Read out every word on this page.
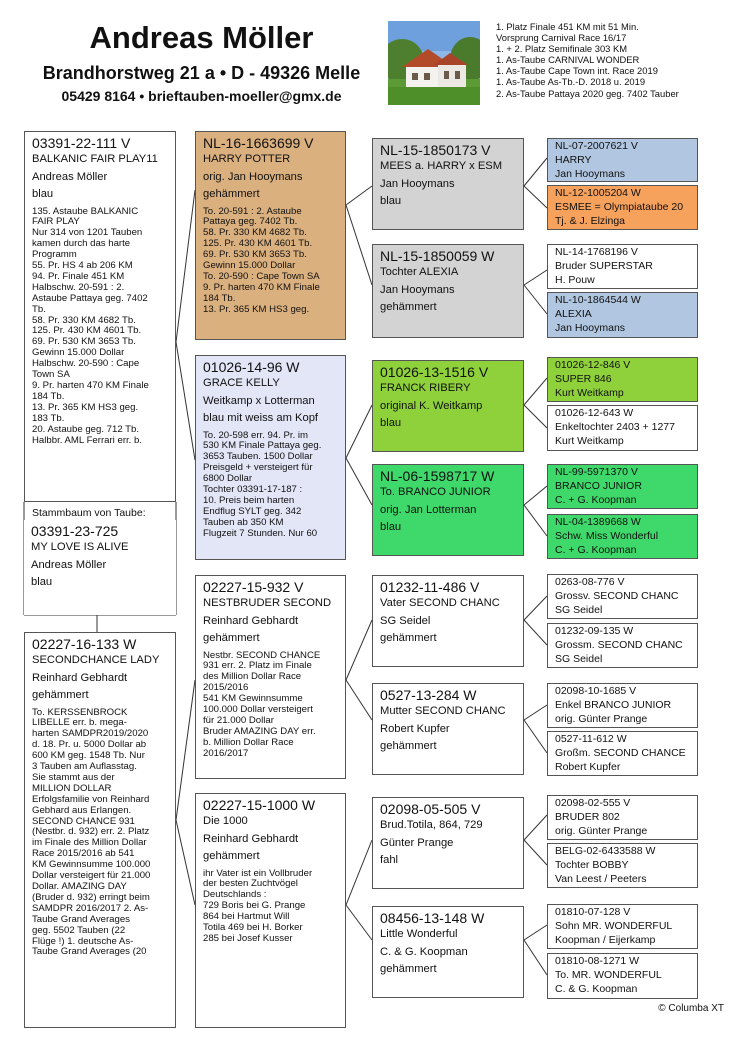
Andreas Möller
Brandhorstweg 21 a • D - 49326 Melle
05429 8164 • brieftauben-moeller@gmx.de
1. Platz Finale 451 KM mit 51 Min.
Vorsprung Carnival Race 16/17
1. + 2. Platz Semifinale 303 KM
1. As-Taube CARNIVAL WONDER
1. As-Taube Cape Town int. Race 2019
1. As-Taube As-Tb.-D. 2018 u. 2019
2. As-Taube Pattaya 2020 geg. 7402 Tauber
03391-22-111 V
BALKANIC FAIR PLAY11
Andreas Möller
blau
135. Astaube BALKANIC
FAIR PLAY
Nur 314 von 1201 Tauben
kamen durch das harte
Programm
55. Pr. HS 4 ab 206 KM
94. Pr. Finale 451 KM
Halbschw. 20-591 : 2.
Astaube Pattaya geg. 7402
Tb.
58. Pr. 330 KM 4682 Tb.
125. Pr. 430 KM 4601 Tb.
69. Pr. 530 KM 3653 Tb.
Gewinn 15.000 Dollar
Halbschw. 20-590 : Cape
Town SA
9. Pr. harten 470 KM Finale
184 Tb.
13. Pr. 365 KM HS3 geg.
183 Tb.
20. Astaube geg. 712 Tb.
Halbbr. AML Ferrari err. b.
Stammbaum von Taube:
03391-23-725
MY LOVE IS ALIVE
Andreas Möller
blau
02227-16-133 W
SECONDCHANCE LADY
Reinhard Gebhardt
gehämmert
To. KERSSENBROCK
LIBELLE err. b. mega-
harten SAMDPR2019/2020
d. 18. Pr. u. 5000 Dollar ab
600 KM geg. 1548 Tb. Nur
3 Tauben am Auflasstag.
Sie stammt aus der
MILLION DOLLAR
Erfolgsfamilie von Reinhard
Gebhard aus Erlangen.
SECOND CHANCE 931
(Nestbr. d. 932) err. 2. Platz
im Finale des Million Dollar
Race 2015/2016 ab 541
KM Gewinnsumme 100.000
Dollar versteigert für 21.000
Dollar. AMAZING DAY
(Bruder d. 932) erringt beim
SAMDPR 2016/2017 2. As-
Taube Grand Averages
geg. 5502 Tauben (22
Flüge !) 1. deutsche As-
Taube Grand Averages (20
NL-16-1663699 V
HARRY POTTER
orig. Jan Hooymans
gehämmert
To. 20-591 : 2. Astaube
Pattaya geg. 7402 Tb.
58. Pr. 330 KM 4682 Tb.
125. Pr. 430 KM 4601 Tb.
69. Pr. 530 KM 3653 Tb.
Gewinn 15.000 Dollar
To. 20-590 : Cape Town SA
9. Pr. harten 470 KM Finale
184 Tb.
13. Pr. 365 KM HS3 geg.
01026-14-96 W
GRACE KELLY
Weitkamp x Lotterman
blau mit weiss am Kopf
To. 20-598 err. 94. Pr. im
530 KM Finale Pattaya geg.
3653 Tauben. 1500 Dollar
Preisgeld + versteigert für
6800 Dollar
Tochter 03391-17-187 :
10. Preis beim harten
Endflug SYLT geg. 342
Tauben ab 350 KM
Flugzeit 7 Stunden. Nur 60
02227-15-932 V
NESTBRUDER SECOND
Reinhard Gebhardt
gehämmert
Nestbr. SECOND CHANCE
931 err. 2. Platz im Finale
des Million Dollar Race
2015/2016
541 KM Gewinnsumme
100.000 Dollar versteigert
für 21.000 Dollar
Bruder AMAZING DAY err.
b. Million Dollar Race
2016/2017
02227-15-1000 W
Die 1000
Reinhard Gebhardt
gehämmert
ihr Vater ist ein Vollbruder
der besten Zuchtvögel
Deutschlands :
729 Boris bei G. Prange
864 bei Hartmut Will
Totila 469 bei H. Borker
285 bei Josef Kusser
NL-15-1850173 V
MEES a. HARRY x ESM
Jan Hooymans
blau
NL-15-1850059 W
Tochter ALEXIA
Jan Hooymans
gehämmert
01026-13-1516 V
FRANCK RIBERY
original K. Weitkamp
blau
NL-06-1598717 W
To. BRANCO JUNIOR
orig. Jan Lotterman
blau
01232-11-486 V
Vater SECOND CHANC
SG Seidel
gehämmert
0527-13-284 W
Mutter SECOND CHANC
Robert Kupfer
gehämmert
02098-05-505 V
Brud.Totila, 864, 729
Günter Prange
fahl
08456-13-148 W
Little Wonderful
C. & G. Koopman
gehämmert
NL-07-2007621 V
HARRY
Jan Hooymans
NL-12-1005204 W
ESMEE = Olympiataube 20
Tj. & J. Elzinga
NL-14-1768196 V
Bruder SUPERSTAR
H. Pouw
NL-10-1864544 W
ALEXIA
Jan Hooymans
01026-12-846 V
SUPER 846
Kurt Weitkamp
01026-12-643 W
Enkeltochter 2403 + 1277
Kurt Weitkamp
NL-99-5971370 V
BRANCO JUNIOR
C. + G. Koopman
NL-04-1389668 W
Schw. Miss Wonderful
C. + G. Koopman
0263-08-776 V
Grossv. SECOND CHANC
SG Seidel
01232-09-135 W
Grossm. SECOND CHANC
SG Seidel
02098-10-1685 V
Enkel BRANCO JUNIOR
orig. Günter Prange
0527-11-612 W
Großm. SECOND CHANCE
Robert Kupfer
02098-02-555 V
BRUDER 802
orig. Günter Prange
BELG-02-6433588 W
Tochter BOBBY
Van Leest / Peeters
01810-07-128 V
Sohn MR. WONDERFUL
Koopman / Eijerkamp
01810-08-1271 W
To. MR. WONDERFUL
C. & G. Koopman
© Columba XT
